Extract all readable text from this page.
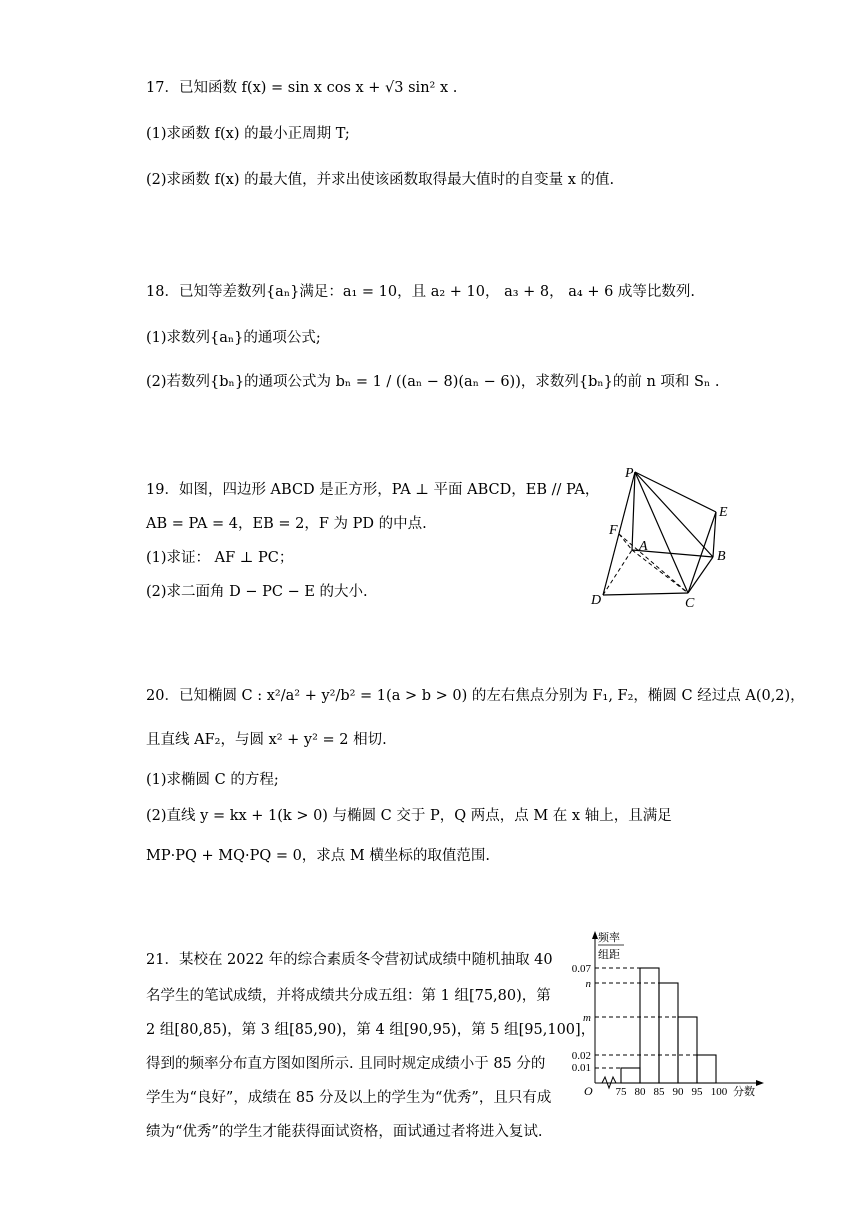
17．已知函数 f(x) = sin x cos x + √3 sin² x .
(1)求函数 f(x) 的最小正周期 T;
(2)求函数 f(x) 的最大值，并求出使该函数取得最大值时的自变量 x 的值.
18．已知等差数列{aₙ}满足：a₁ = 10，且 a₂ + 10， a₃ + 8， a₄ + 6 成等比数列.
(1)求数列{aₙ}的通项公式;
(2)若数列{bₙ}的通项公式为 bₙ = 1 / ((aₙ − 8)(aₙ − 6))，求数列{bₙ}的前 n 项和 Sₙ .
19．如图，四边形 ABCD 是正方形，PA ⊥ 平面 ABCD，EB // PA，
AB = PA = 4，EB = 2，F 为 PD 的中点.
(1)求证： AF ⊥ PC；
(2)求二面角 D − PC − E 的大小.
P
E
F
A
B
D	C
20．已知椭圆 C : x²/a² + y²/b² = 1(a > b > 0) 的左右焦点分别为 F₁, F₂，椭圆 C 经过点 A(0,2)，
且直线 AF₂，与圆 x² + y² = 2 相切.
(1)求椭圆 C 的方程;
(2)直线 y = kx + 1(k > 0) 与椭圆 C 交于 P，Q 两点，点 M 在 x 轴上，且满足
MP·PQ + MQ·PQ = 0，求点 M 横坐标的取值范围.
21．某校在 2022 年的综合素质冬令营初试成绩中随机抽取 40
名学生的笔试成绩，并将成绩共分成五组：第 1 组[75,80)，第
2 组[80,85)，第 3 组[85,90)，第 4 组[90,95)，第 5 组[95,100]，
得到的频率分布直方图如图所示. 且同时规定成绩小于 85 分的
学生为“良好”，成绩在 85 分及以上的学生为“优秀”，且只有成
绩为“优秀”的学生才能获得面试资格，面试通过者将进入复试.
频率
组距
0.07
n
m
0.02
0.01
O 75 80 85 90 95 100 分数
